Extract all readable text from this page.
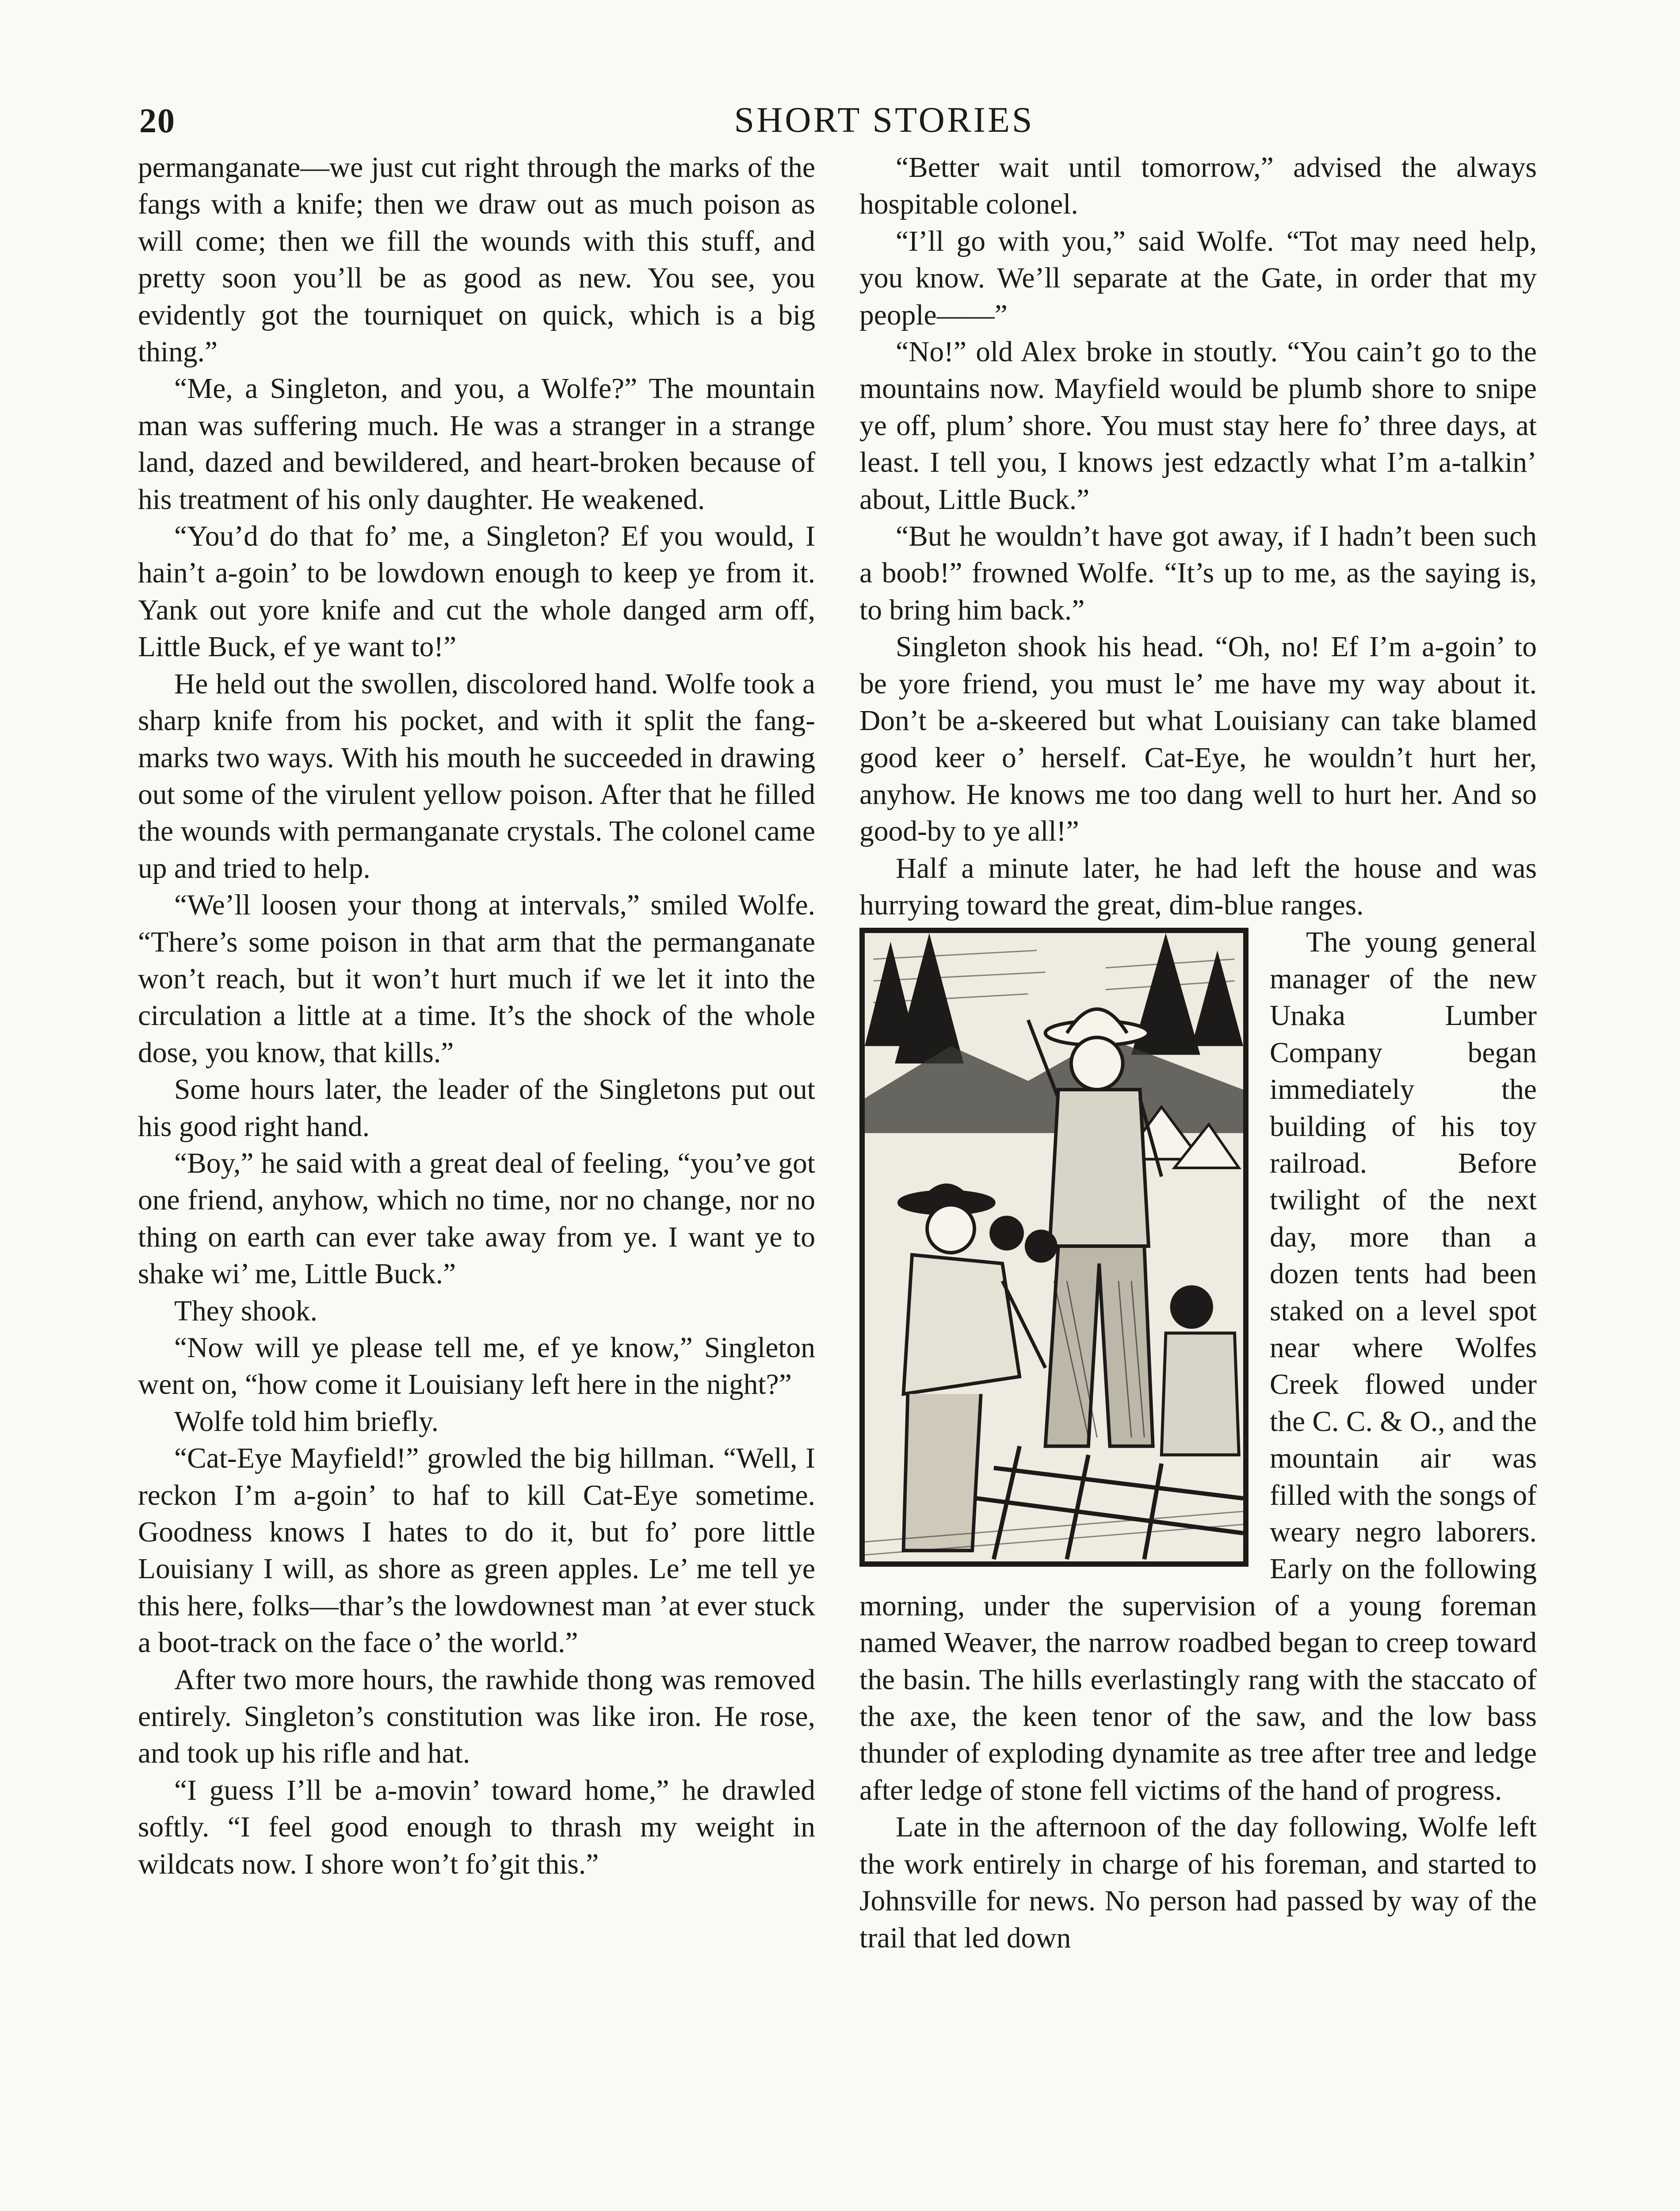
20	SHORT STORIES

permanganate—we just cut right through the marks of the fangs with a knife; then we draw out as much poison as will come; then we fill the wounds with this stuff, and pretty soon you’ll be as good as new. You see, you evidently got the tourniquet on quick, which is a big thing.”

“Me, a Singleton, and you, a Wolfe?” The mountain man was suffering much. He was a stranger in a strange land, dazed and bewildered, and heart-broken because of his treatment of his only daughter. He weakened.

“You’d do that fo’ me, a Singleton? Ef you would, I hain’t a-goin’ to be lowdown enough to keep ye from it. Yank out yore knife and cut the whole danged arm off, Little Buck, ef ye want to!”

He held out the swollen, discolored hand. Wolfe took a sharp knife from his pocket, and with it split the fang-marks two ways. With his mouth he succeeded in drawing out some of the virulent yellow poison. After that he filled the wounds with permanganate crystals. The colonel came up and tried to help.

“We’ll loosen your thong at intervals,” smiled Wolfe. “There’s some poison in that arm that the permanganate won’t reach, but it won’t hurt much if we let it into the circulation a little at a time. It’s the shock of the whole dose, you know, that kills.”

Some hours later, the leader of the Singletons put out his good right hand.

“Boy,” he said with a great deal of feeling, “you’ve got one friend, anyhow, which no time, nor no change, nor no thing on earth can ever take away from ye. I want ye to shake wi’ me, Little Buck.”

They shook.

“Now will ye please tell me, ef ye know,” Singleton went on, “how come it Louisiany left here in the night?”

Wolfe told him briefly.

“Cat-Eye Mayfield!” growled the big hillman. “Well, I reckon I’m a-goin’ to haf to kill Cat-Eye sometime. Goodness knows I hates to do it, but fo’ pore little Louisiany I will, as shore as green apples. Le’ me tell ye this here, folks—thar’s the lowdownest man ’at ever stuck a boot-track on the face o’ the world.”

After two more hours, the rawhide thong was removed entirely. Singleton’s constitution was like iron. He rose, and took up his rifle and hat.

“I guess I’ll be a-movin’ toward home,” he drawled softly. “I feel good enough to thrash my weight in wildcats now. I shore won’t fo’git this.”

“Better wait until tomorrow,” advised the always hospitable colonel.

“I’ll go with you,” said Wolfe. “Tot may need help, you know. We’ll separate at the Gate, in order that my people——”

“No!” old Alex broke in stoutly. “You cain’t go to the mountains now. Mayfield would be plumb shore to snipe ye off, plum’ shore. You must stay here fo’ three days, at least. I tell you, I knows jest edzactly what I’m a-talkin’ about, Little Buck.”

“But he wouldn’t have got away, if I hadn’t been such a boob!” frowned Wolfe. “It’s up to me, as the saying is, to bring him back.”

Singleton shook his head. “Oh, no! Ef I’m a-goin’ to be yore friend, you must le’ me have my way about it. Don’t be a-skeered but what Louisiany can take blamed good keer o’ herself. Cat-Eye, he wouldn’t hurt her, anyhow. He knows me too dang well to hurt her. And so good-by to ye all!”

Half a minute later, he had left the house and was hurrying toward the great, dim-blue ranges.

The young general manager of the new Unaka Lumber Company began immediately the building of his toy railroad. Before twilight of the next day, more than a dozen tents had been staked on a level spot near where Wolfes Creek flowed under the C. C. & O., and the mountain air was filled with the songs of weary negro laborers. Early on the following morning, under the supervision of a young foreman named Weaver, the narrow roadbed began to creep toward the basin. The hills everlastingly rang with the staccato of the axe, the keen tenor of the saw, and the low bass thunder of exploding dynamite as tree after tree and ledge after ledge of stone fell victims of the hand of progress.

Late in the afternoon of the day following, Wolfe left the work entirely in charge of his foreman, and started to Johnsville for news. No person had passed by way of the trail that led down
